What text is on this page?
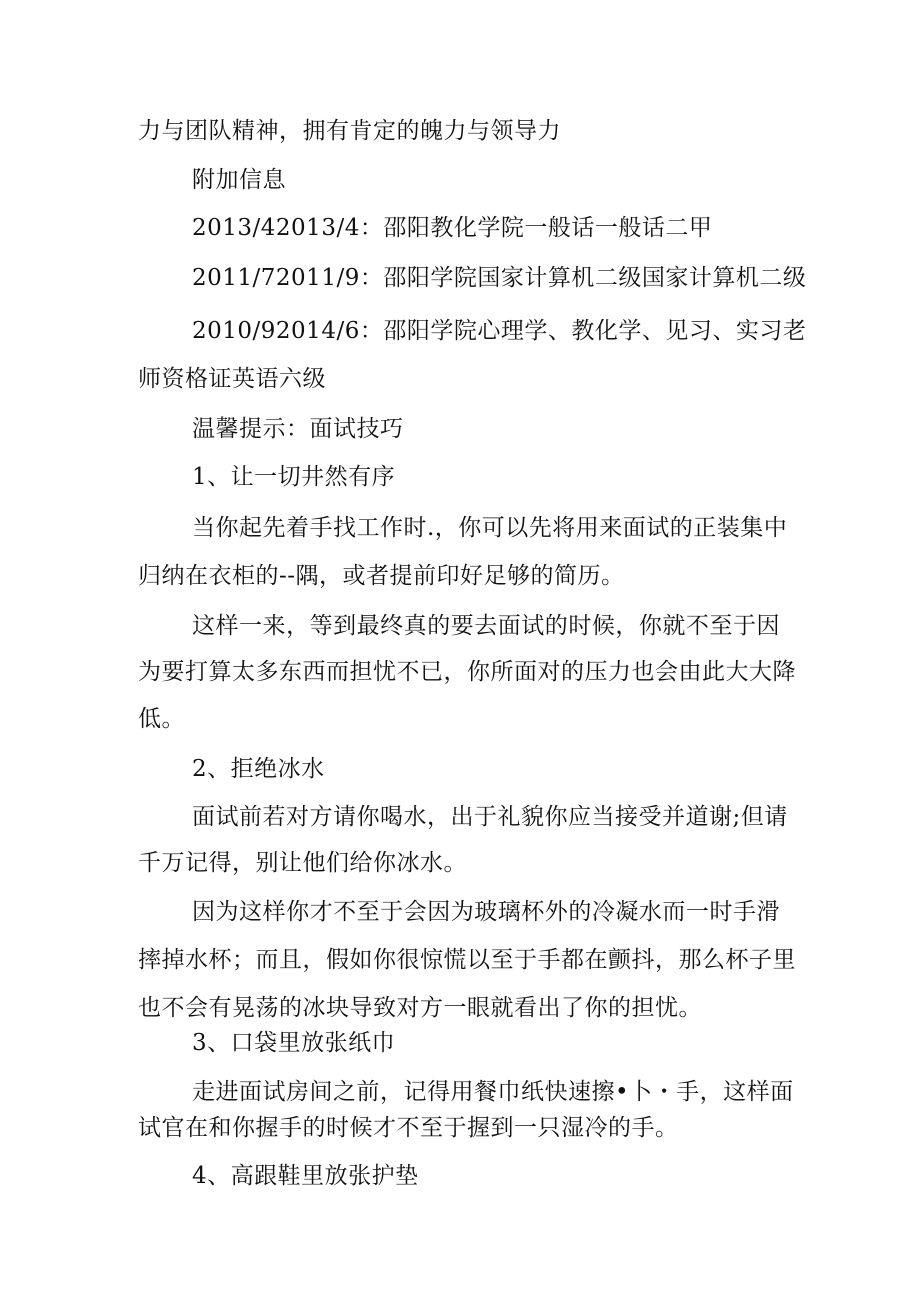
力与团队精神，拥有肯定的魄力与领导力
附加信息
2013/42013/4：邵阳教化学院一般话一般话二甲
2011/72011/9：邵阳学院国家计算机二级国家计算机二级
2010/92014/6：邵阳学院心理学、教化学、见习、实习老
师资格证英语六级
温馨提示：面试技巧
1、让一切井然有序
当你起先着手找工作时.，你可以先将用来面试的正装集中
归纳在衣柜的--隅，或者提前印好足够的简历。
这样一来，等到最终真的要去面试的时候，你就不至于因
为要打算太多东西而担忧不已，你所面对的压力也会由此大大降
低。
2、拒绝冰水
面试前若对方请你喝水，出于礼貌你应当接受并道谢;但请
千万记得，别让他们给你冰水。
因为这样你才不至于会因为玻璃杯外的冷凝水而一时手滑
摔掉水杯；而且，假如你很惊慌以至于手都在颤抖，那么杯子里
也不会有晃荡的冰块导致对方一眼就看出了你的担忧。
3、口袋里放张纸巾
走进面试房间之前，记得用餐巾纸快速擦•卜・手，这样面
试官在和你握手的时候才不至于握到一只湿冷的手。
4、高跟鞋里放张护垫
